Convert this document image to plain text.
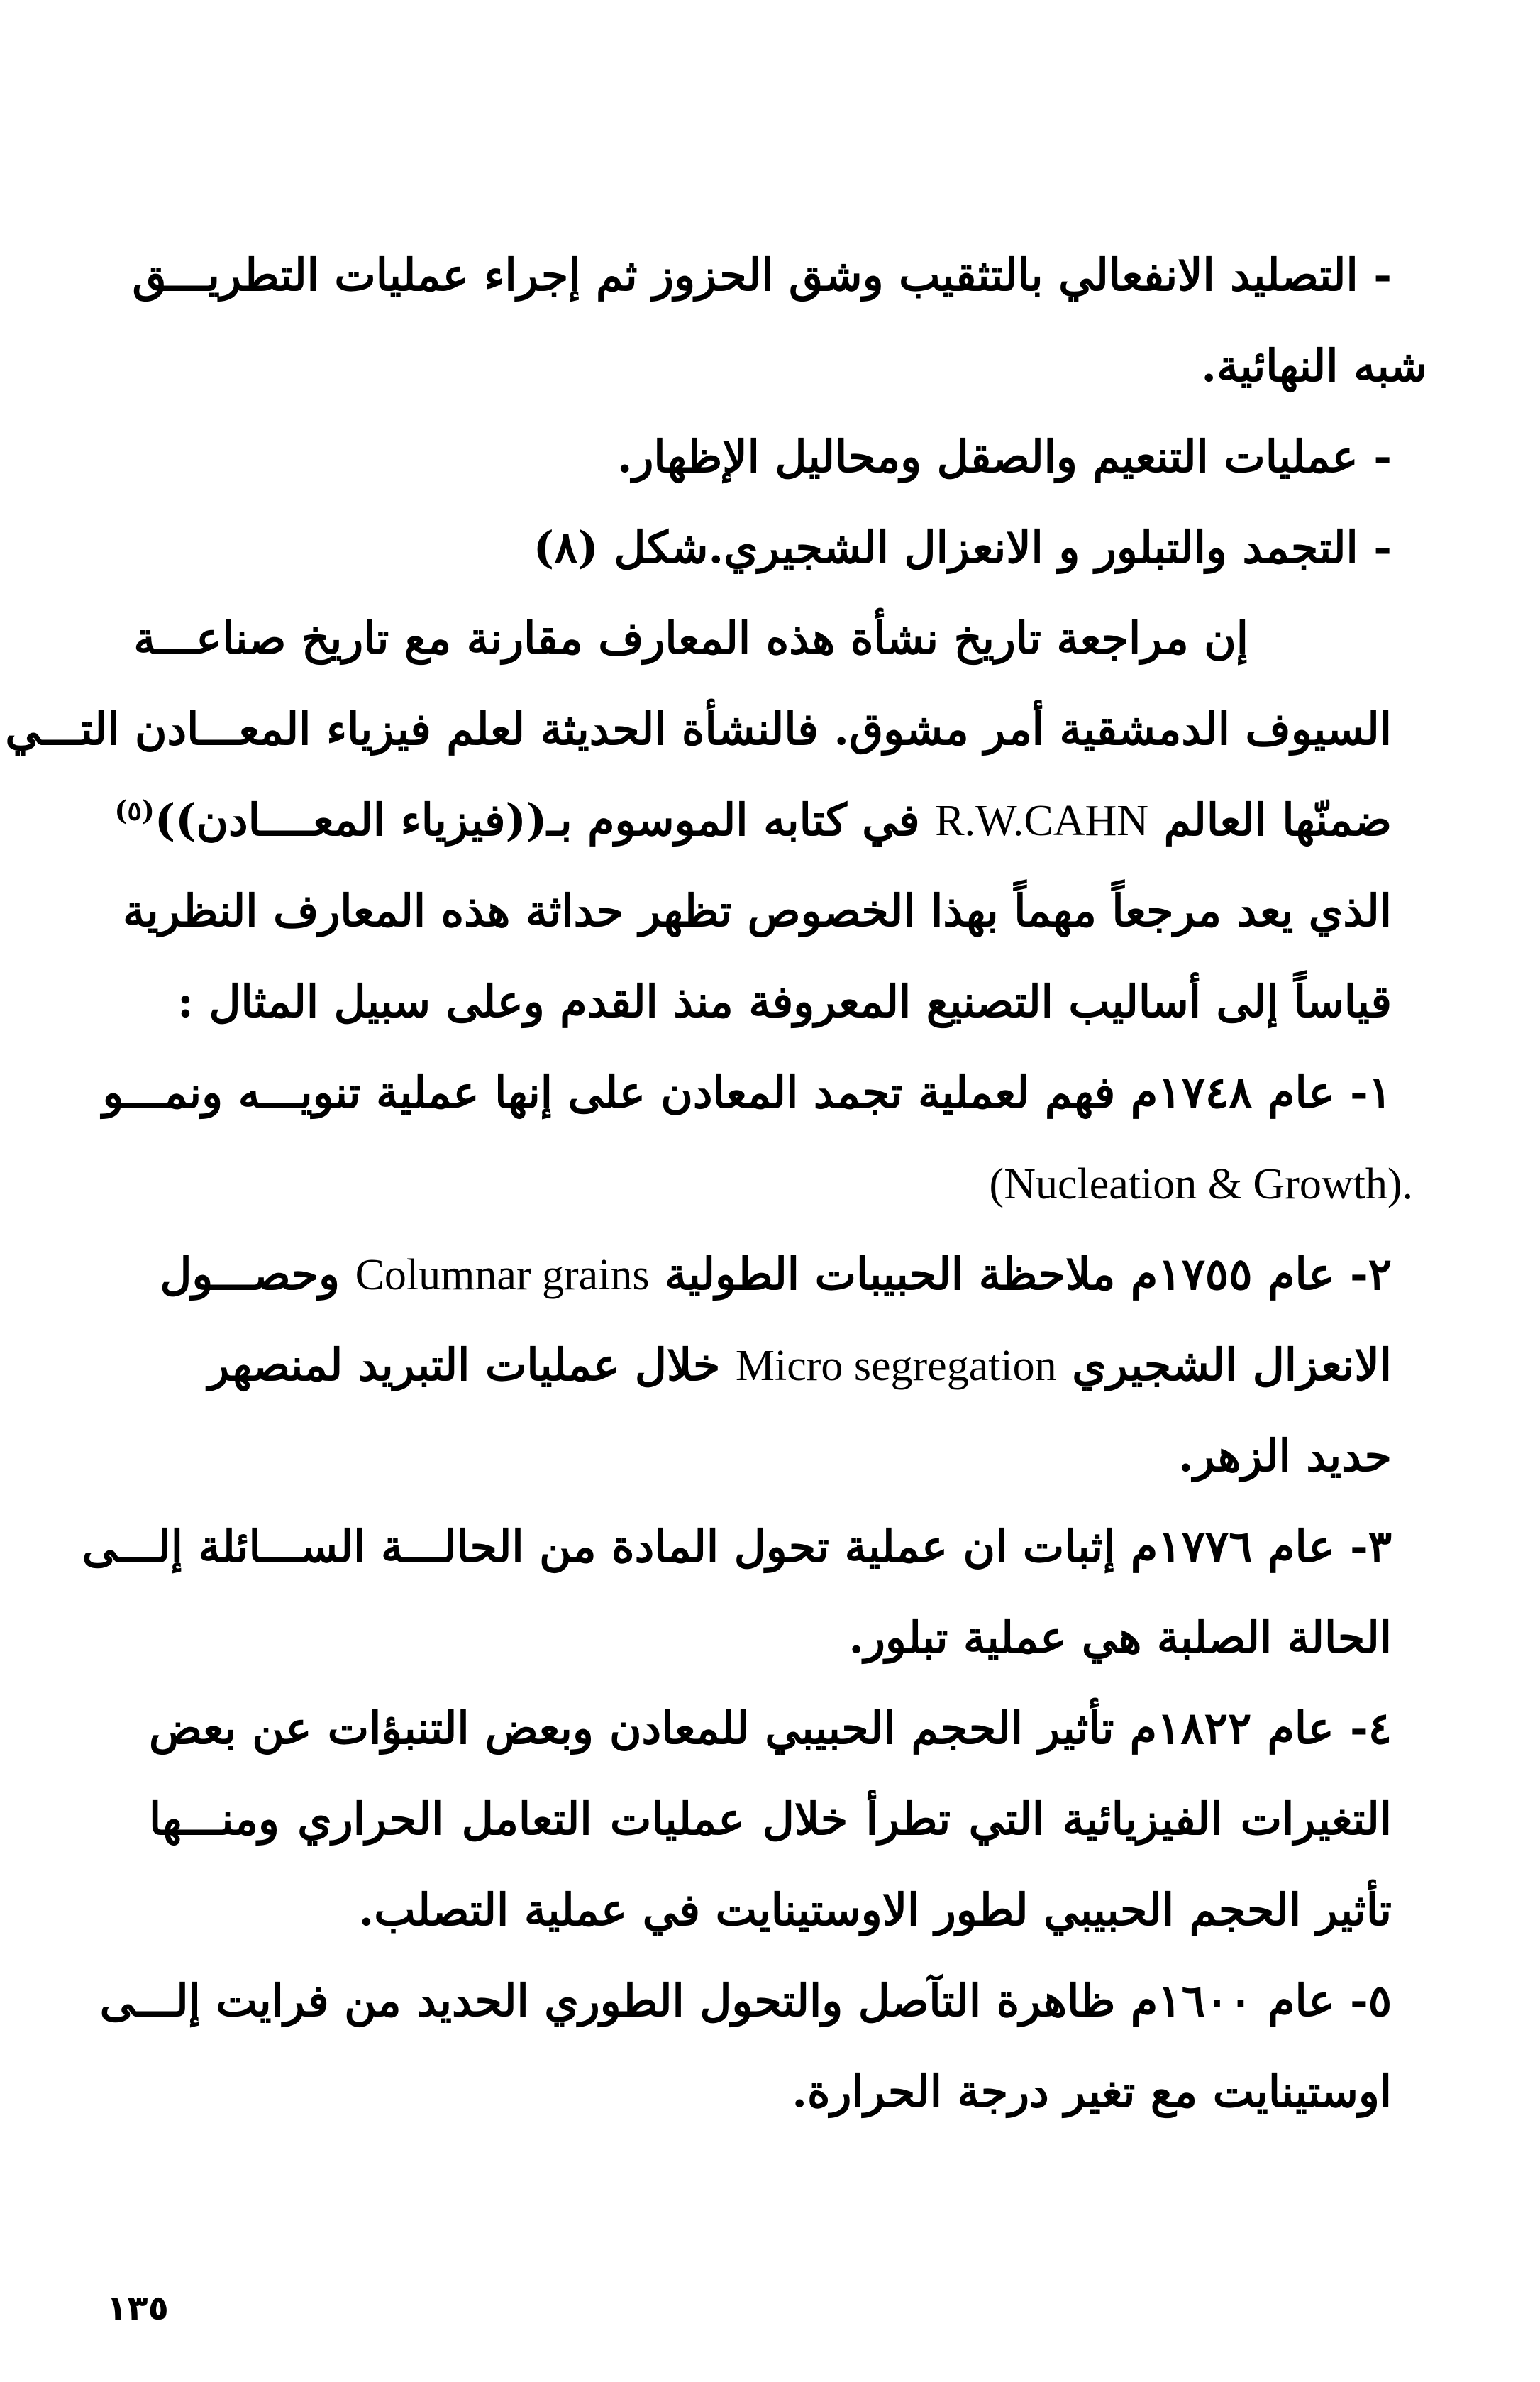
- التصليد الانفعالي بالتثقيب وشق الحزوز ثم إجراء عمليات التطريـــق
شبه النهائية.
- عمليات التنعيم والصقل ومحاليل الإظهار.
- التجمد والتبلور و الانعزال الشجيري.شكل (٨)
إن مراجعة تاريخ نشأة هذه المعارف مقارنة مع تاريخ صناعـــة
السيوف الدمشقية أمر مشوق. فالنشأة الحديثة لعلم فيزياء المعـــادن التـــي
ضمنّها العالم R.W.CAHN في كتابه الموسوم بـ((فيزياء المعــــادن))$^{(٥)}$
الذي يعد مرجعاً مهماً بهذا الخصوص تظهر حداثة هذه المعارف النظرية
قياساً إلى أساليب التصنيع المعروفة منذ القدم وعلى سبيل المثال :
١- عام ١٧٤٨م فهم لعملية تجمد المعادن على إنها عملية تنويـــه ونمـــو
(Nucleation & Growth).
٢- عام ١٧٥٥م ملاحظة الحبيبات الطولية Columnar grains وحصـــول
الانعزال الشجيري Micro segregation خلال عمليات التبريد لمنصهر
حديد الزهر.
٣- عام ١٧٧٦م إثبات ان عملية تحول المادة من الحالـــة الســـائلة إلـــى
الحالة الصلبة هي عملية تبلور.
٤- عام ١٨٢٢م تأثير الحجم الحبيبي للمعادن وبعض التنبؤات عن بعض
التغيرات الفيزيائية التي تطرأ خلال عمليات التعامل الحراري ومنـــها
تأثير الحجم الحبيبي لطور الاوستينايت في عملية التصلب.
٥- عام ١٦٠٠م ظاهرة التآصل والتحول الطوري الحديد من فرايت إلـــى
اوستينايت مع تغير درجة الحرارة.
١٣٥
